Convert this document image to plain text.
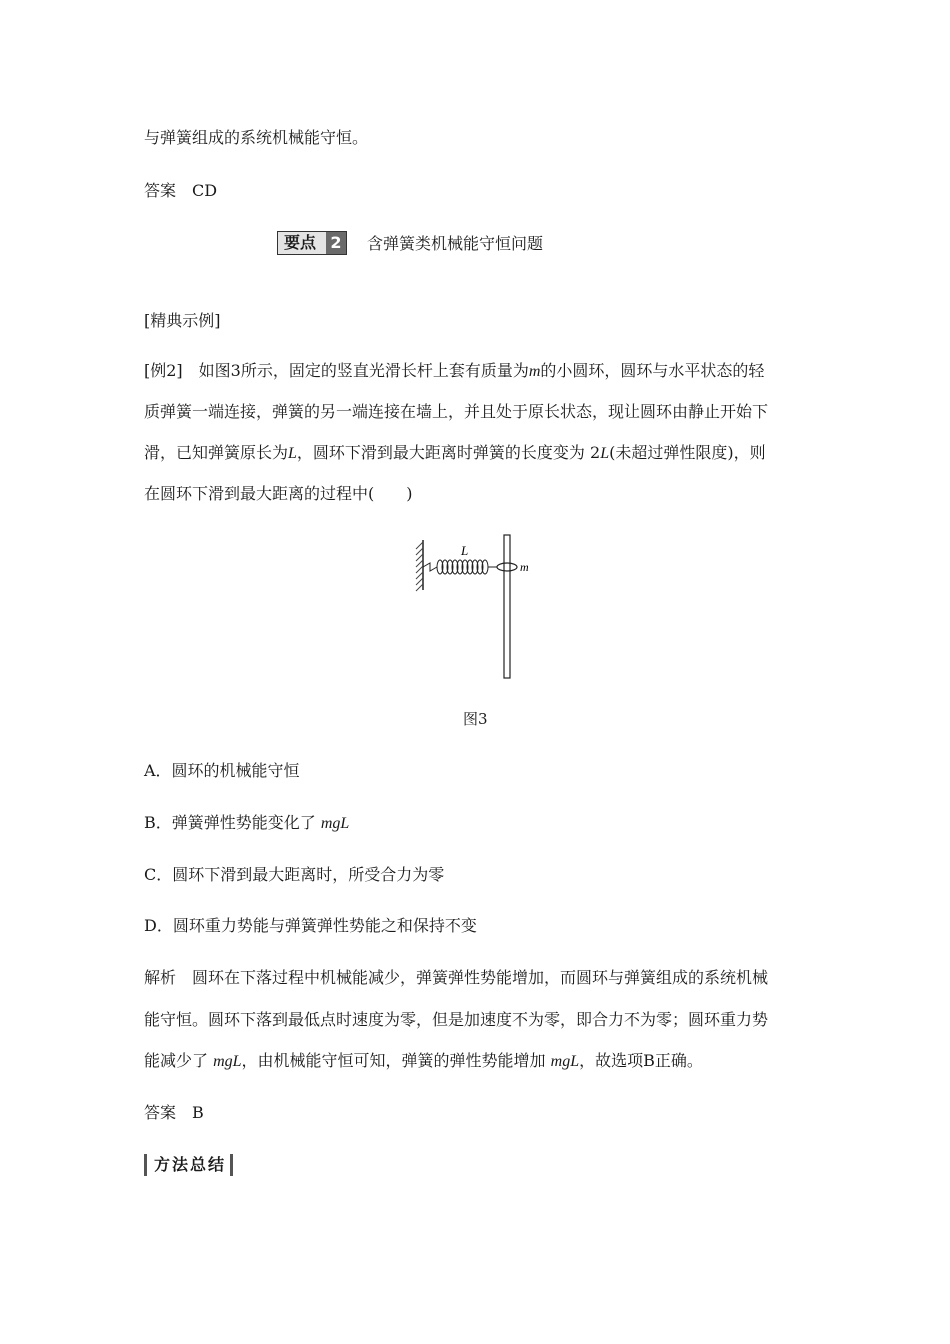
与弹簧组成的系统机械能守恒。
答案 CD
要点 2 含弹簧类机械能守恒问题
[精典示例]
[例2] 如图3所示，固定的竖直光滑长杆上套有质量为m的小圆环，圆环与水平状态的轻
质弹簧一端连接，弹簧的另一端连接在墙上，并且处于原长状态，现让圆环由静止开始下
滑，已知弹簧原长为L，圆环下滑到最大距离时弹簧的长度变为 2L(未超过弹性限度)，则
在圆环下滑到最大距离的过程中(　　)
L
m
图3
A．圆环的机械能守恒
B．弹簧弹性势能变化了 mgL
C．圆环下滑到最大距离时，所受合力为零
D．圆环重力势能与弹簧弹性势能之和保持不变
解析 圆环在下落过程中机械能减少，弹簧弹性势能增加，而圆环与弹簧组成的系统机械
能守恒。圆环下落到最低点时速度为零，但是加速度不为零，即合力不为零；圆环重力势
能减少了 mgL，由机械能守恒可知，弹簧的弹性势能增加 mgL，故选项B正确。
答案 B
方法总结
